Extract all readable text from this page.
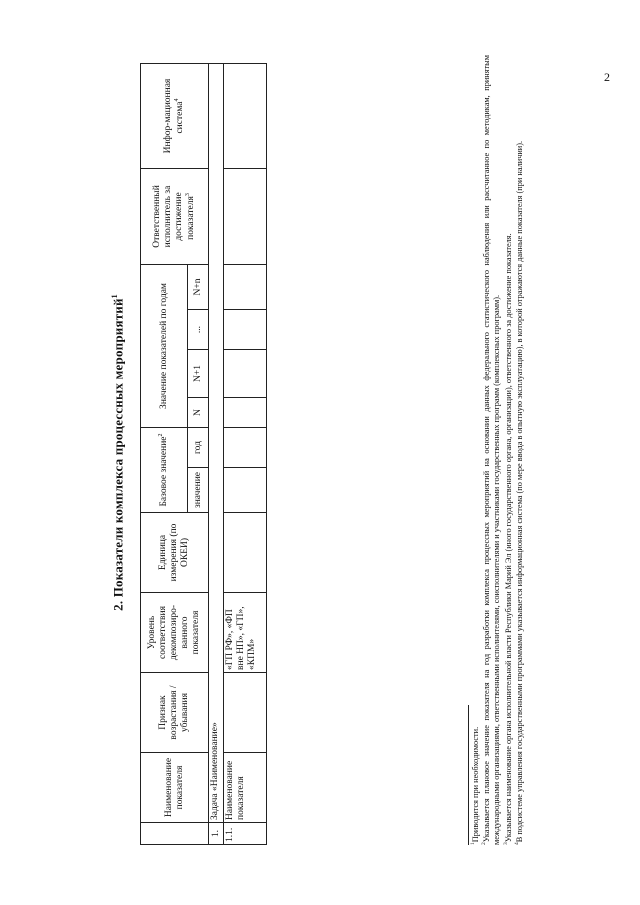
2
2. Показатели комплекса процессных мероприятий$^1$
	Наименование показателя	Признак возрастания / убывания	Уровень соответствия декомпозиро-ванного показателя	Единица измерения (по ОКЕИ)	Базовое значение$^2$		Значение показателей по годам				Ответственный исполнитель за достижение показателя$^3$	Инфор-мационная система$^4$
					значение	год	N	N+1	...	N+n		
1.	Задача «Наименование»											
1.1.	Наименование показателя		«ГП РФ», «ФП вне НП», «ГП», «КПМ»									

$^1$Приводится при необходимости.

$^2$Указывается плановое значение показателя на год разработки комплекса процессных мероприятий на основании данных федерального статистического наблюдения или рассчитанное по методикам, принятым международными организациями, ответственными исполнителями, соисполнителями и участниками государственных программ (комплексных программ). $^3$Указывается наименование органа исполнительной власти Республики Марий Эл (иного государственного органа, организации), ответственного за достижение показателя.

$^4$В подсистеме управления государственными программами указывается информационная система (по мере ввода в опытную эксплуатацию), в которой отражаются данные показателя (при наличии).
